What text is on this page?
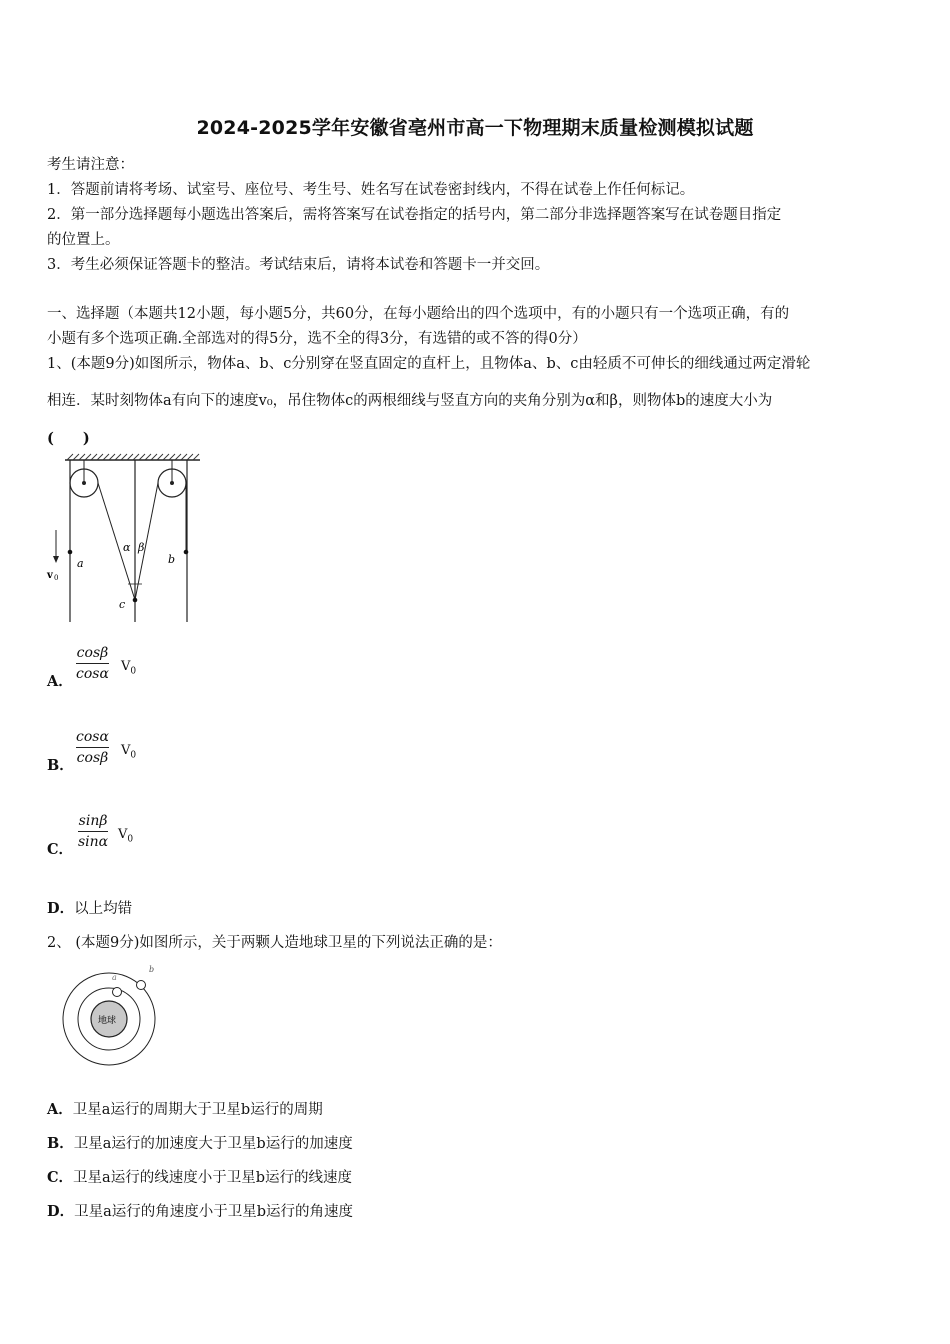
2024-2025学年安徽省亳州市高一下物理期末质量检测模拟试题
考生请注意：
1．答题前请将考场、试室号、座位号、考生号、姓名写在试卷密封线内，不得在试卷上作任何标记。
2．第一部分选择题每小题选出答案后，需将答案写在试卷指定的括号内，第二部分非选择题答案写在试卷题目指定
的位置上。
3．考生必须保证答题卡的整洁。考试结束后，请将本试卷和答题卡一并交回。
一、选择题（本题共12小题，每小题5分，共60分，在每小题给出的四个选项中，有的小题只有一个选项正确，有的
小题有多个选项正确.全部选对的得5分，选不全的得3分，有选错的或不答的得0分）
1、(本题9分)如图所示，物体a、b、c分别穿在竖直固定的直杆上，且物体a、b、c由轻质不可伸长的细线通过两定滑轮
相连．某时刻物体a有向下的速度v₀，吊住物体c的两根细线与竖直方向的夹角分别为α和β，则物体b的速度大小为
(　　)
a	b
c
α β
v 0
A．
cosβ
cosα $V_0$
B．
cosα
cosβ $V_0$
C．
sinβ
sinα $V_0$
D．以上均错
2、 (本题9分)如图所示，关于两颗人造地球卫星的下列说法正确的是：
地球
a
b
A．卫星a运行的周期大于卫星b运行的周期
B．卫星a运行的加速度大于卫星b运行的加速度
C．卫星a运行的线速度小于卫星b运行的线速度
D．卫星a运行的角速度小于卫星b运行的角速度
